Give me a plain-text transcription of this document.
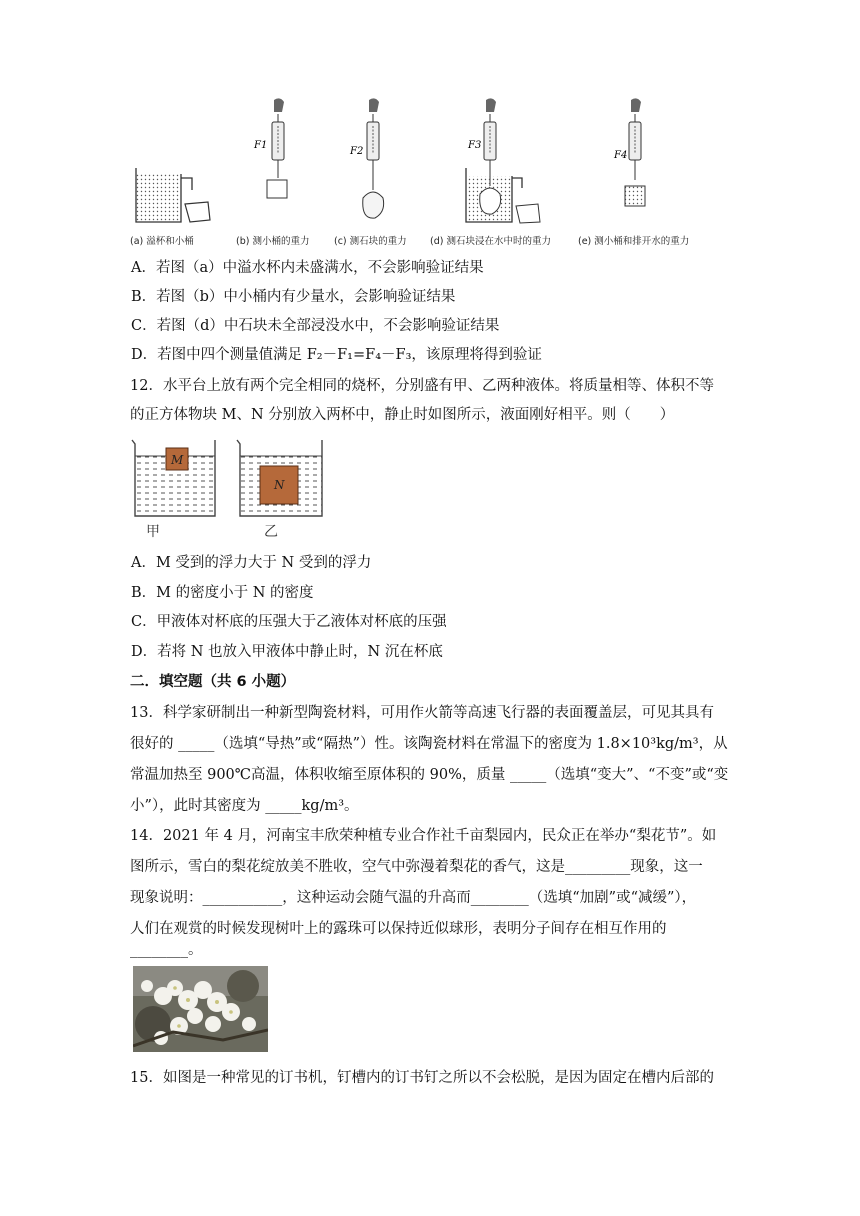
F1
F2
F3
F4
(a) 溢杯和小桶	(b) 测小桶的重力	(c) 测石块的重力 (d) 测石块浸在水中时的重力	(e) 测小桶和排开水的重力
A．若图（a）中溢水杯内未盛满水，不会影响验证结果
B．若图（b）中小桶内有少量水，会影响验证结果
C．若图（d）中石块未全部浸没水中，不会影响验证结果
D．若图中四个测量值满足 F₂－F₁=F₄－F₃，该原理将得到验证
12．水平台上放有两个完全相同的烧杯，分别盛有甲、乙两种液体。将质量相等、体积不等
的正方体物块 M、N 分别放入两杯中，静止时如图所示，液面刚好相平。则（　　）
M
N
甲	乙
A．M 受到的浮力大于 N 受到的浮力
B．M 的密度小于 N 的密度
C．甲液体对杯底的压强大于乙液体对杯底的压强
D．若将 N 也放入甲液体中静止时，N 沉在杯底
二．填空题（共 6 小题）
13．科学家研制出一种新型陶瓷材料，可用作火箭等高速飞行器的表面覆盖层，可见其具有
很好的 _____（选填“导热”或“隔热”）性。该陶瓷材料在常温下的密度为 1.8×10³kg/m³，从
常温加热至 900℃高温，体积收缩至原体积的 90%，质量 _____（选填“变大”、“不变”或“变
小”），此时其密度为 _____kg/m³。
14．2021 年 4 月，河南宝丰欣荣种植专业合作社千亩梨园内，民众正在举办“梨花节”。如
图所示，雪白的梨花绽放美不胜收，空气中弥漫着梨花的香气，这是_________现象，这一
现象说明：___________，这种运动会随气温的升高而________（选填“加剧”或“减缓”），
人们在观赏的时候发现树叶上的露珠可以保持近似球形，表明分子间存在相互作用的
________。
15．如图是一种常见的订书机，钉槽内的订书钉之所以不会松脱，是因为固定在槽内后部的
